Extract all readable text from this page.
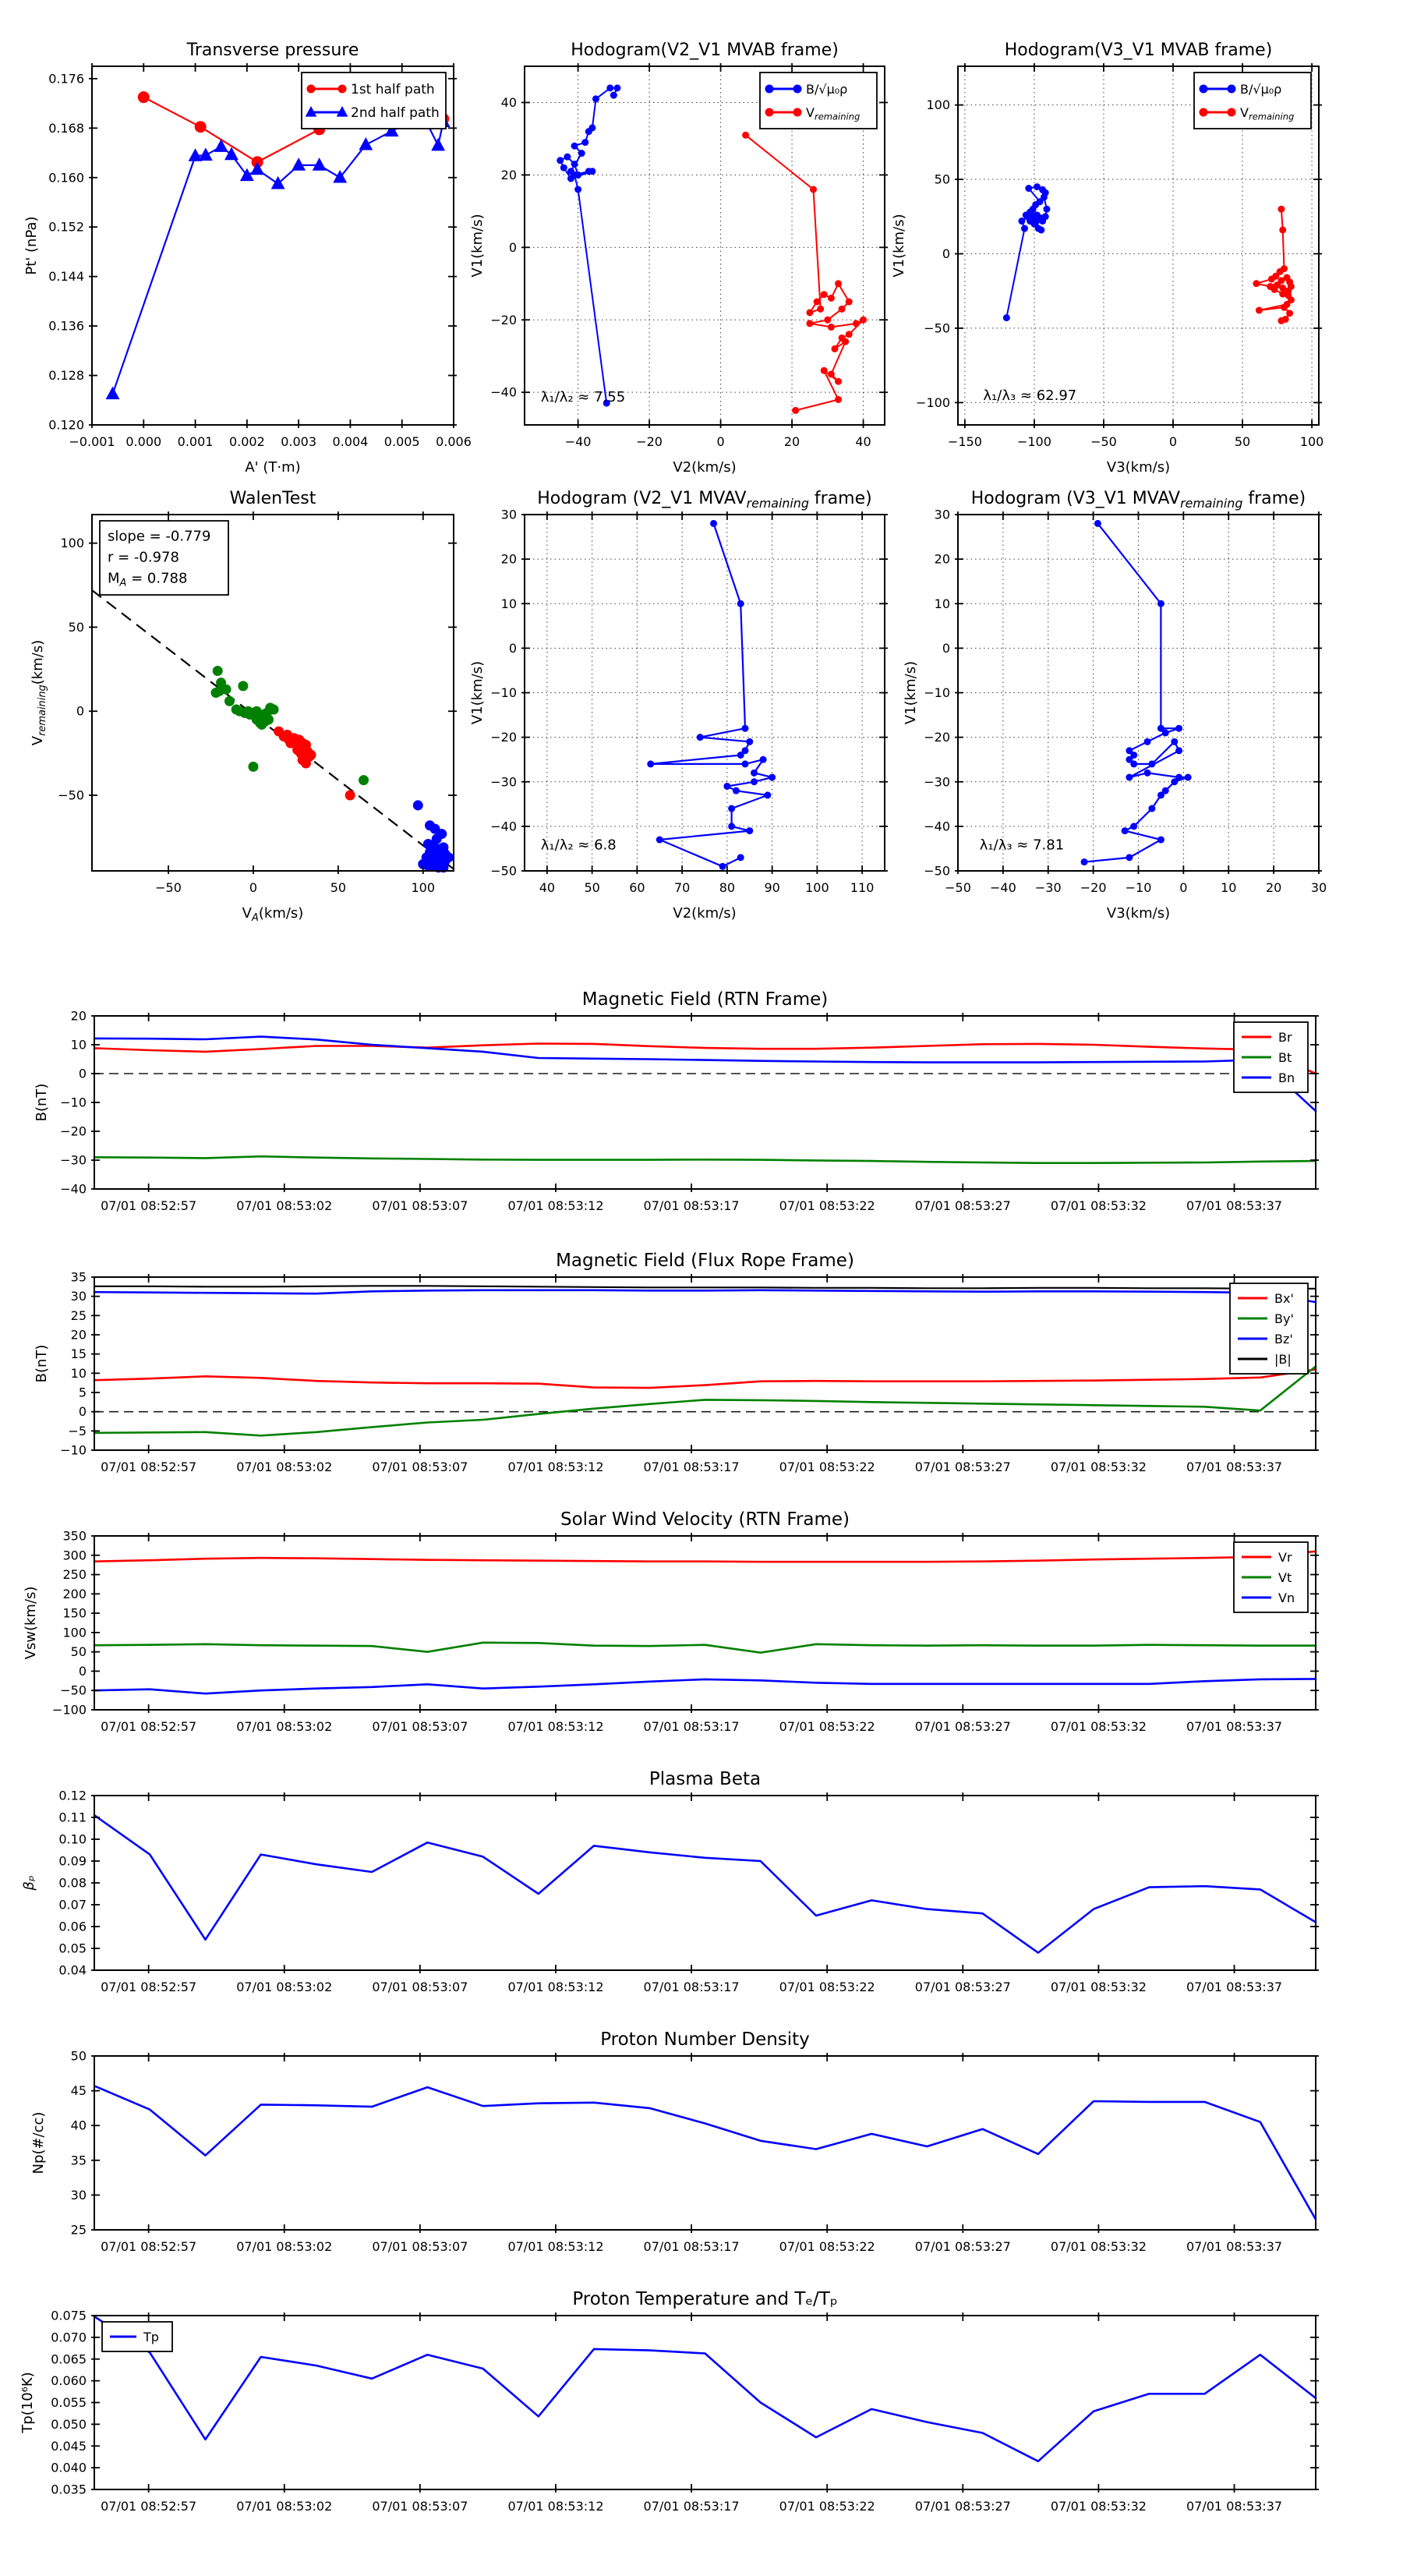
−0.001 0.000 0.001 0.002 0.003 0.004 0.005 0.006
0.120
0.128
0.136
0.144
0.152
0.160
0.168
0.176
Transverse pressure
A' (T·m)
Pt' (nPa)
1st half path
2nd half path
−40	−20	0	20	40
−40
−20
0
20
40
Hodogram(V2_V1 MVAB frame)
V2(km/s)
V1(km/s)
λ₁/λ₂ ≈ 7.55
B/√μ₀ρ
$V_{remaining}$
−150	−100	−50	0	50	100
−100
−50
0
50
100
Hodogram(V3_V1 MVAB frame)
V3(km/s)
V1(km/s)
λ₁/λ₃ ≈ 62.97
B/√μ₀ρ
$V_{remaining}$
−50	0	50	100
−50
0
50
100
WalenTest
$V_A(km/s)$
$V_{remaining}(km/s)$
slope = -0.779
r = -0.978
$M_A = 0.788$
40 50 60 70 80 90 100 110
−50
−40
−30
−20
−10
0
10
20
30
Hodogram (V2_V1 $MVAV_{remaining}$ frame)
V2(km/s)
V1(km/s)
λ₁/λ₂ ≈ 6.8
−50 −40 −30 −20 −10 0	10 20 30
−50
−40
−30
−20
−10
0
10
20
30
Hodogram (V3_V1 $MVAV_{remaining}$ frame)
V3(km/s)
V1(km/s)
λ₁/λ₃ ≈ 7.81
07/01 08:52:57	07/01 08:53:02	07/01 08:53:07	07/01 08:53:12	07/01 08:53:17	07/01 08:53:22	07/01 08:53:27	07/01 08:53:32	07/01 08:53:37
20
10
0
−10
−20
−30
−40
Magnetic Field (RTN Frame)
B(nT)
Br
Bt
Bn
07/01 08:52:57	07/01 08:53:02	07/01 08:53:07	07/01 08:53:12	07/01 08:53:17	07/01 08:53:22	07/01 08:53:27	07/01 08:53:32	07/01 08:53:37
35
30
25
20
15
10
5
0
−5
−10
Magnetic Field (Flux Rope Frame)
B(nT)
Bx'
By'
Bz'
|B|
07/01 08:52:57	07/01 08:53:02	07/01 08:53:07	07/01 08:53:12	07/01 08:53:17	07/01 08:53:22	07/01 08:53:27	07/01 08:53:32	07/01 08:53:37
350
300
250
200
150
100
50
0
−50
−100
Solar Wind Velocity (RTN Frame)
Vsw(km/s)
Vr
Vt
Vn
07/01 08:52:57	07/01 08:53:02	07/01 08:53:07	07/01 08:53:12	07/01 08:53:17	07/01 08:53:22	07/01 08:53:27	07/01 08:53:32	07/01 08:53:37
0.12
0.11
0.10
0.09
0.08
0.07
0.06
0.05
0.04
Plasma Beta
βₚ
07/01 08:52:57	07/01 08:53:02	07/01 08:53:07	07/01 08:53:12	07/01 08:53:17	07/01 08:53:22	07/01 08:53:27	07/01 08:53:32	07/01 08:53:37
50
45
40
35
30
25
Proton Number Density
Np(#/cc)
07/01 08:52:57	07/01 08:53:02	07/01 08:53:07	07/01 08:53:12	07/01 08:53:17	07/01 08:53:22	07/01 08:53:27	07/01 08:53:32	07/01 08:53:37
0.075
0.070
0.065
0.060
0.055
0.050
0.045
0.040
0.035
Proton Temperature and Tₑ/Tₚ
Tp(10⁶K)
Tp
